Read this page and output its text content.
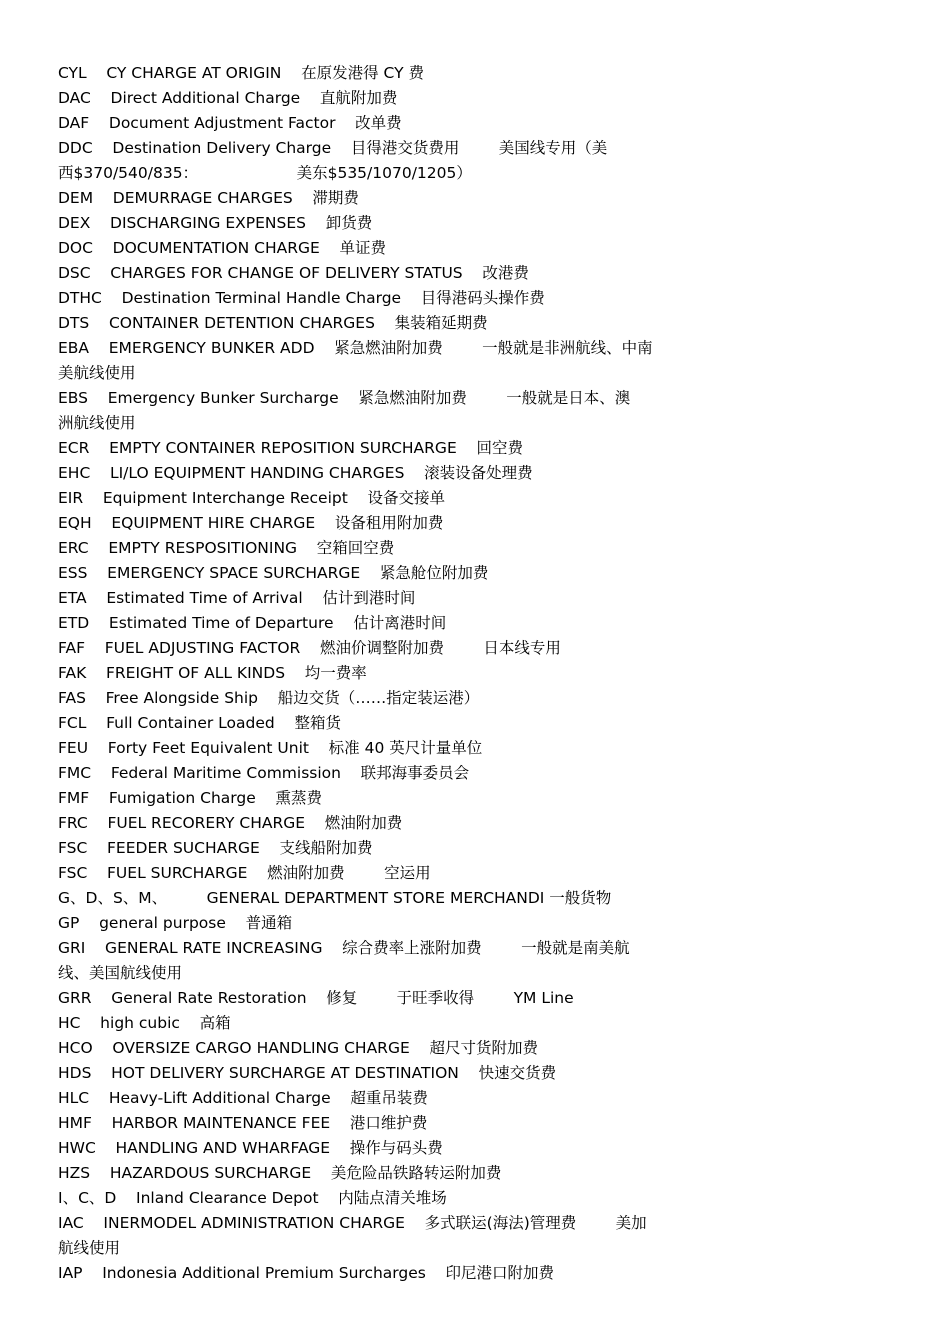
CYL    CY CHARGE AT ORIGIN    在原发港得 CY 费
DAC    Direct Additional Charge    直航附加费
DAF    Document Adjustment Factor    改单费
DDC    Destination Delivery Charge    目得港交货费用        美国线专用（美
西$370/540/835：                    美东$535/1070/1205）
DEM    DEMURRAGE CHARGES    滞期费
DEX    DISCHARGING EXPENSES    卸货费
DOC    DOCUMENTATION CHARGE    单证费
DSC    CHARGES FOR CHANGE OF DELIVERY STATUS    改港费
DTHC    Destination Terminal Handle Charge    目得港码头操作费
DTS    CONTAINER DETENTION CHARGES    集装箱延期费
EBA    EMERGENCY BUNKER ADD    紧急燃油附加费        一般就是非洲航线、中南
美航线使用
EBS    Emergency Bunker Surcharge    紧急燃油附加费        一般就是日本、澳
洲航线使用
ECR    EMPTY CONTAINER REPOSITION SURCHARGE    回空费
EHC    LI/LO EQUIPMENT HANDING CHARGES    滚装设备处理费
EIR    Equipment Interchange Receipt    设备交接单
EQH    EQUIPMENT HIRE CHARGE    设备租用附加费
ERC    EMPTY RESPOSITIONING    空箱回空费
ESS    EMERGENCY SPACE SURCHARGE    紧急舱位附加费
ETA    Estimated Time of Arrival    估计到港时间
ETD    Estimated Time of Departure    估计离港时间
FAF    FUEL ADJUSTING FACTOR    燃油价调整附加费        日本线专用
FAK    FREIGHT OF ALL KINDS    均一费率
FAS    Free Alongside Ship    船边交货（……指定装运港）
FCL    Full Container Loaded    整箱货
FEU    Forty Feet Equivalent Unit    标准 40 英尺计量单位
FMC    Federal Maritime Commission    联邦海事委员会
FMF    Fumigation Charge    熏蒸费
FRC    FUEL RECORERY CHARGE    燃油附加费
FSC    FEEDER SUCHARGE    支线船附加费
FSC    FUEL SURCHARGE    燃油附加费        空运用
G、D、S、M、        GENERAL DEPARTMENT STORE MERCHANDI 一般货物
GP    general purpose    普通箱
GRI    GENERAL RATE INCREASING    综合费率上涨附加费        一般就是南美航
线、美国航线使用
GRR    General Rate Restoration    修复        于旺季收得        YM Line
HC    high cubic    高箱
HCO    OVERSIZE CARGO HANDLING CHARGE    超尺寸货附加费
HDS    HOT DELIVERY SURCHARGE AT DESTINATION    快速交货费
HLC    Heavy-Lift Additional Charge    超重吊装费
HMF    HARBOR MAINTENANCE FEE    港口维护费
HWC    HANDLING AND WHARFAGE    操作与码头费
HZS    HAZARDOUS SURCHARGE    美危险品铁路转运附加费
I、C、D    Inland Clearance Depot    内陆点清关堆场
IAC    INERMODEL ADMINISTRATION CHARGE    多式联运(海法)管理费        美加
航线使用
IAP    Indonesia Additional Premium Surcharges    印尼港口附加费
